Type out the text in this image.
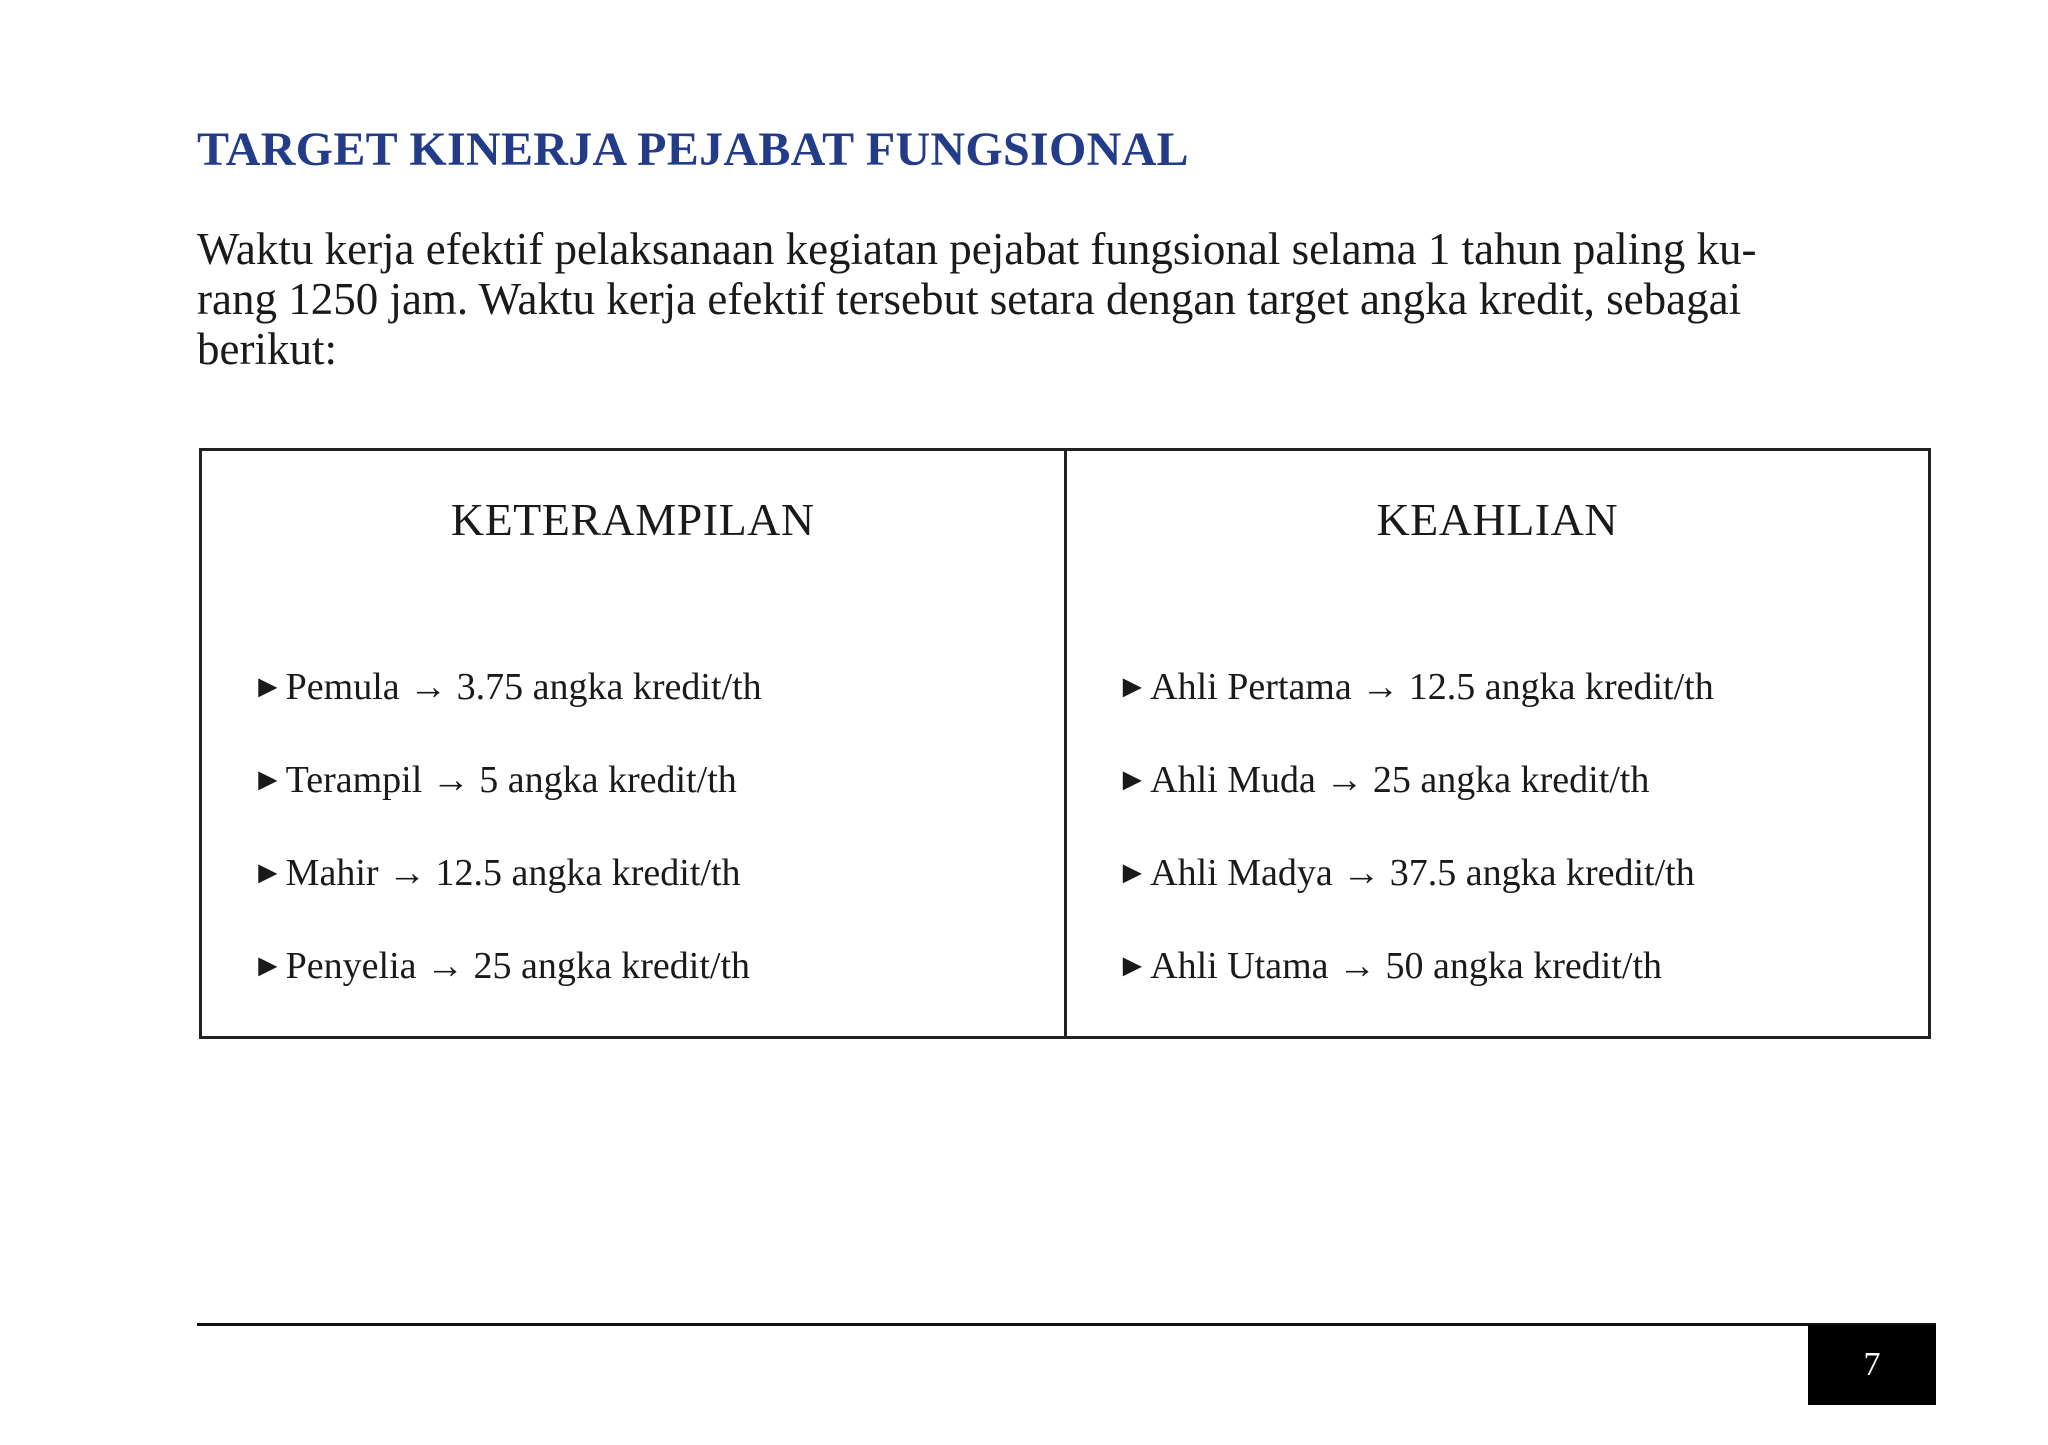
TARGET KINERJA PEJABAT FUNGSIONAL

Waktu kerja efektif pelaksanaan kegiatan pejabat fungsional selama 1 tahun paling ku-
rang 1250 jam. Waktu kerja efektif tersebut setara dengan target angka kredit, sebagai
berikut:

KETERAMPILAN
►Pemula → 3.75 angka kredit/th
►Terampil → 5 angka kredit/th
►Mahir → 12.5 angka kredit/th
►Penyelia → 25 angka kredit/th
KEAHLIAN
►Ahli Pertama → 12.5 angka kredit/th
►Ahli Muda → 25 angka kredit/th
►Ahli Madya → 37.5 angka kredit/th
►Ahli Utama → 50 angka kredit/th
7
